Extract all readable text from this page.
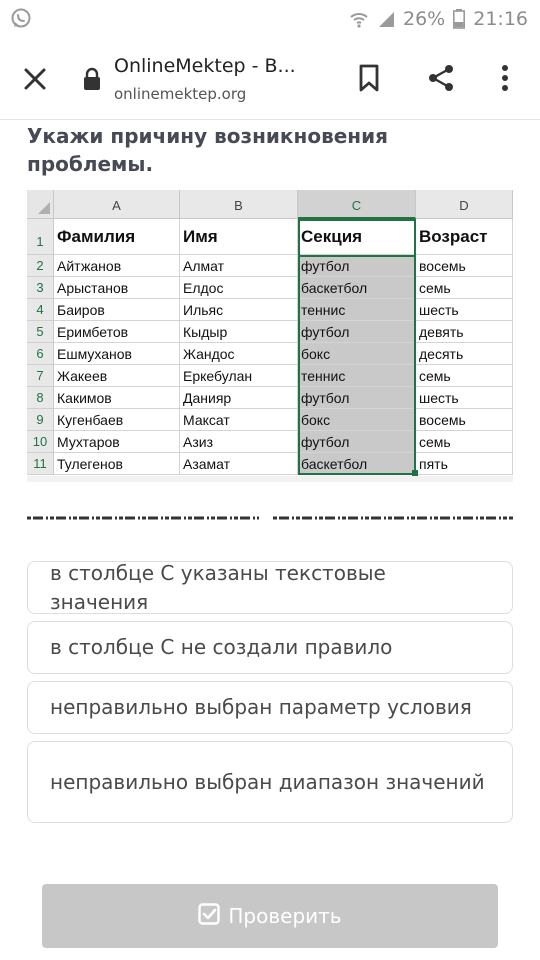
26% 21:16
OnlineMektep - B...
onlinemektep.org
Укажи причину возникновения проблемы.
A	B	C	D
1
2
3
4
5
6
7
8
9
10
11
Фамилия	Имя	Секция	Возраст
Айтжанов	Алмат	футбол	восемь
Арыстанов	Елдос	баскетбол	семь
Баиров	Ильяс	теннис	шесть
Еримбетов	Кыдыр	футбол	девять
Ешмуханов	Жандос	бокс	десять
Жакеев	Еркебулан	теннис	семь
Какимов	Данияр	футбол	шесть
Кугенбаев	Максат	бокс	восемь
Мухтаров	Азиз	футбол	семь
Тулегенов	Азамат	баскетбол	пять
в столбце С указаны текстовые значения
в столбце С не создали правило
неправильно выбран параметр условия
неправильно выбран диапазон значений
Проверить
